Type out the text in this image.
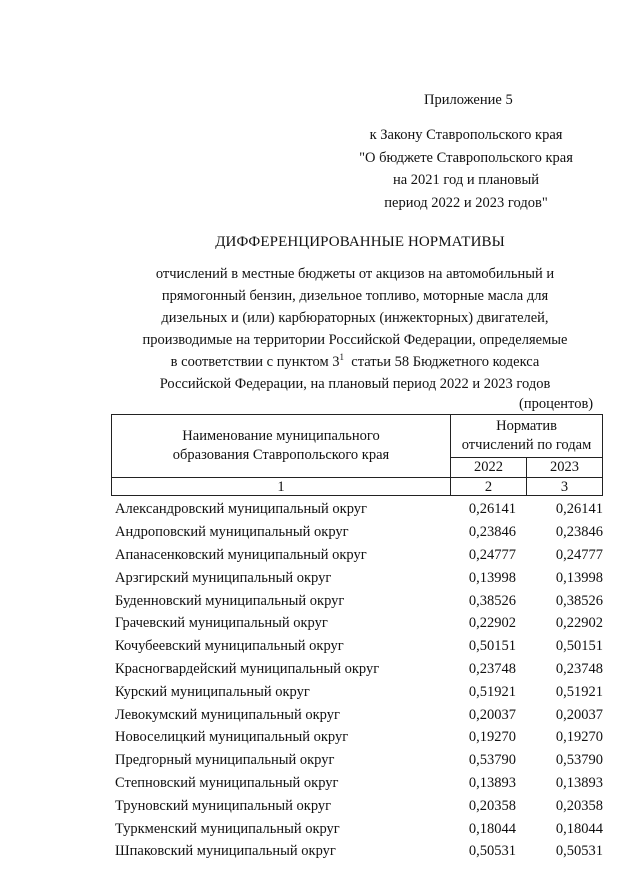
Приложение 5
к Закону Ставропольского края
"О бюджете Ставропольского края
на 2021 год и плановый
период 2022 и 2023 годов"
ДИФФЕРЕНЦИРОВАННЫЕ НОРМАТИВЫ
отчислений в местные бюджеты от акцизов на автомобильный и
прямогонный бензин, дизельное топливо, моторные масла для
дизельных и (или) карбюраторных (инжекторных) двигателей,
производимые на территории Российской Федерации, определяемые
в соответствии с пунктом $3^1$  статьи 58 Бюджетного кодекса
Российской Федерации, на плановый период 2022 и 2023 годов
(процентов)
Наименование муниципального образования Ставропольского края	Норматив отчислений по годам	
	2022	2023
1	2	3
Александровский муниципальный округ	0,26141	0,26141
Андроповский муниципальный округ	0,23846	0,23846
Апанасенковский муниципальный округ	0,24777	0,24777
Арзгирский муниципальный округ	0,13998	0,13998
Буденновский муниципальный округ	0,38526	0,38526
Грачевский муниципальный округ	0,22902	0,22902
Кочубеевский муниципальный округ	0,50151	0,50151
Красногвардейский муниципальный округ	0,23748	0,23748
Курский муниципальный округ	0,51921	0,51921
Левокумский муниципальный округ	0,20037	0,20037
Новоселицкий муниципальный округ	0,19270	0,19270
Предгорный муниципальный округ	0,53790	0,53790
Степновский муниципальный округ	0,13893	0,13893
Труновский муниципальный округ	0,20358	0,20358
Туркменский муниципальный округ	0,18044	0,18044
Шпаковский муниципальный округ	0,50531	0,50531
